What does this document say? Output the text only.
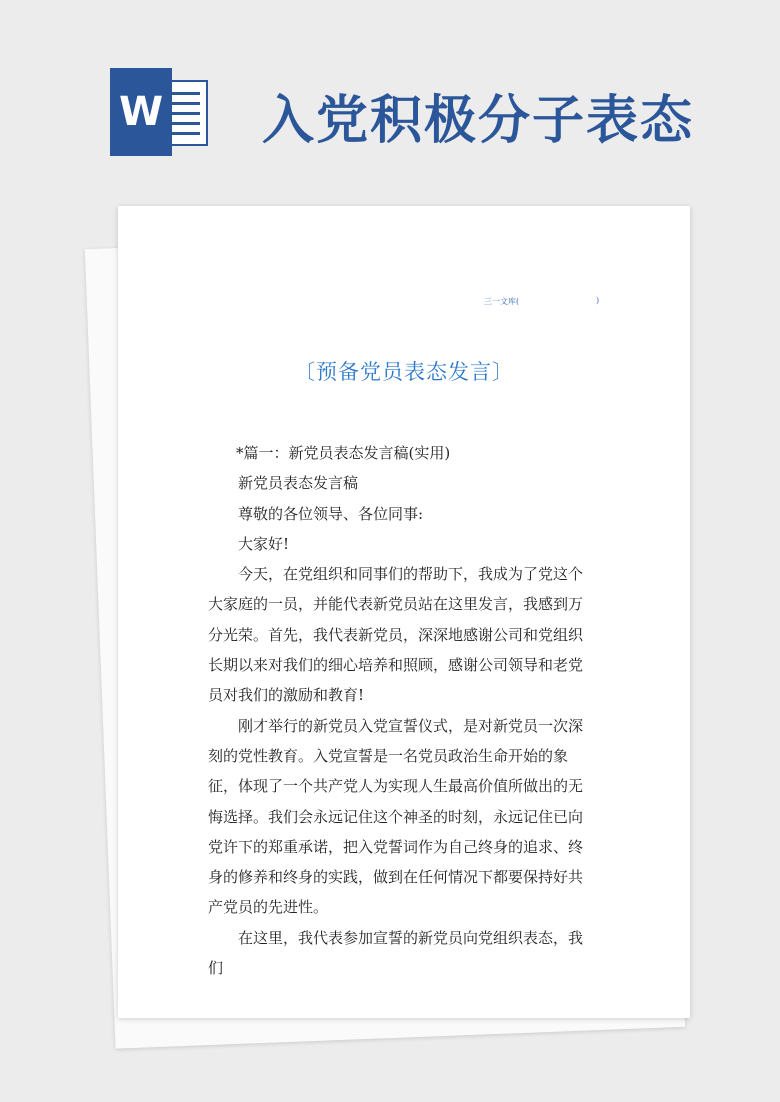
W 入党积极分子表态
三一文库(	)
〔预备党员表态发言〕

*篇一：新党员表态发言稿(实用)

新党员表态发言稿

尊敬的各位领导、各位同事:

大家好!

今天，在党组织和同事们的帮助下，我成为了党这个大家庭的一员，并能代表新党员站在这里发言，我感到万分光荣。首先，我代表新党员，深深地感谢公司和党组织长期以来对我们的细心培养和照顾，感谢公司领导和老党员对我们的激励和教育!

刚才举行的新党员入党宣誓仪式，是对新党员一次深刻的党性教育。入党宣誓是一名党员政治生命开始的象征，体现了一个共产党人为实现人生最高价值所做出的无悔选择。我们会永远记住这个神圣的时刻，永远记住已向党许下的郑重承诺，把入党誓词作为自己终身的追求、终身的修养和终身的实践，做到在任何情况下都要保持好共产党员的先进性。

在这里，我代表参加宣誓的新党员向党组织表态，我们
